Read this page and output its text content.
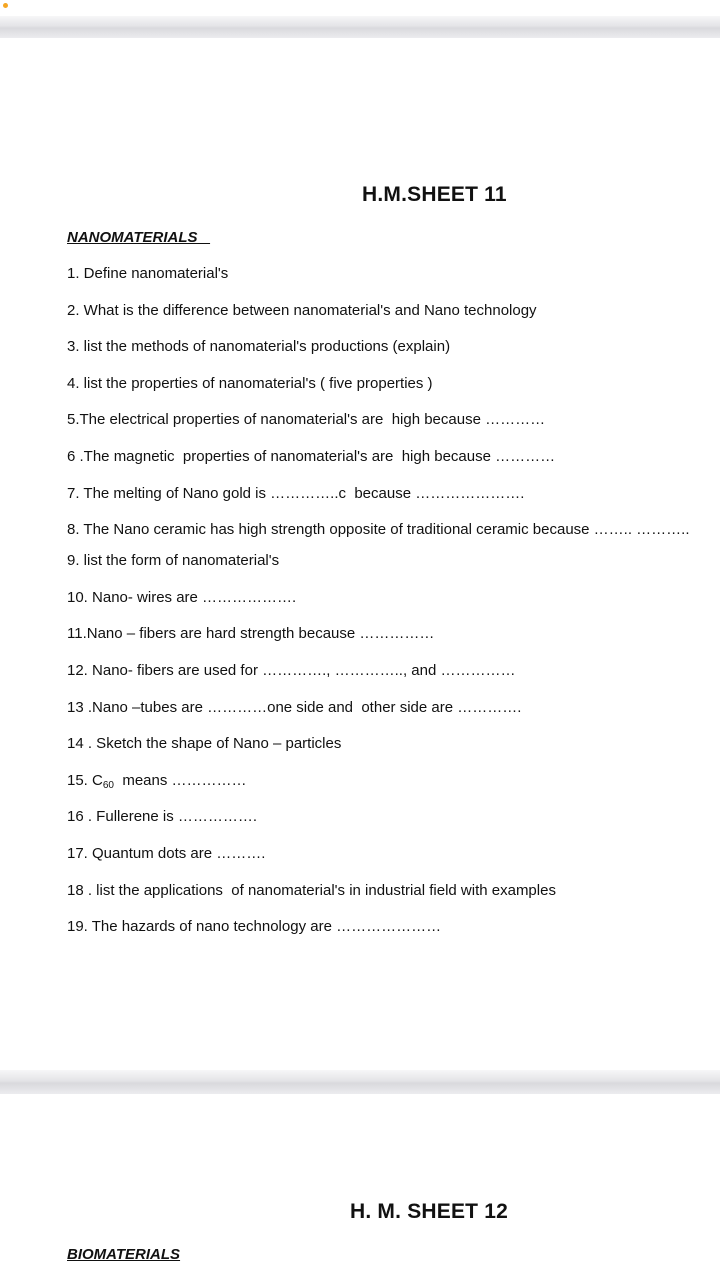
H.M.SHEET 11
NANOMATERIALS
1. Define nanomaterial's
2. What is the difference between nanomaterial's and Nano technology
3. list the methods of nanomaterial's productions (explain)
4. list the properties of nanomaterial's ( five properties )
5.The electrical properties of nanomaterial's are  high because …………
6 .The magnetic  properties of nanomaterial's are  high because …………
7. The melting of Nano gold is …………..c  because ………………….
8. The Nano ceramic has high strength opposite of traditional ceramic because …….. ………..
9. list the form of nanomaterial's
10. Nano- wires are ……………….
11.Nano – fibers are hard strength because ……………
12. Nano- fibers are used for …………., ………….., and ……………
13 .Nano –tubes are …………one side and  other side are ………….
14 . Sketch the shape of Nano – particles
15. $C_{60}$  means ……………
16 . Fullerene is …………….
17. Quantum dots are ……….
18 . list the applications  of nanomaterial's in industrial field with examples
19. The hazards of nano technology are …………………
H. M. SHEET 12
BIOMATERIALS
